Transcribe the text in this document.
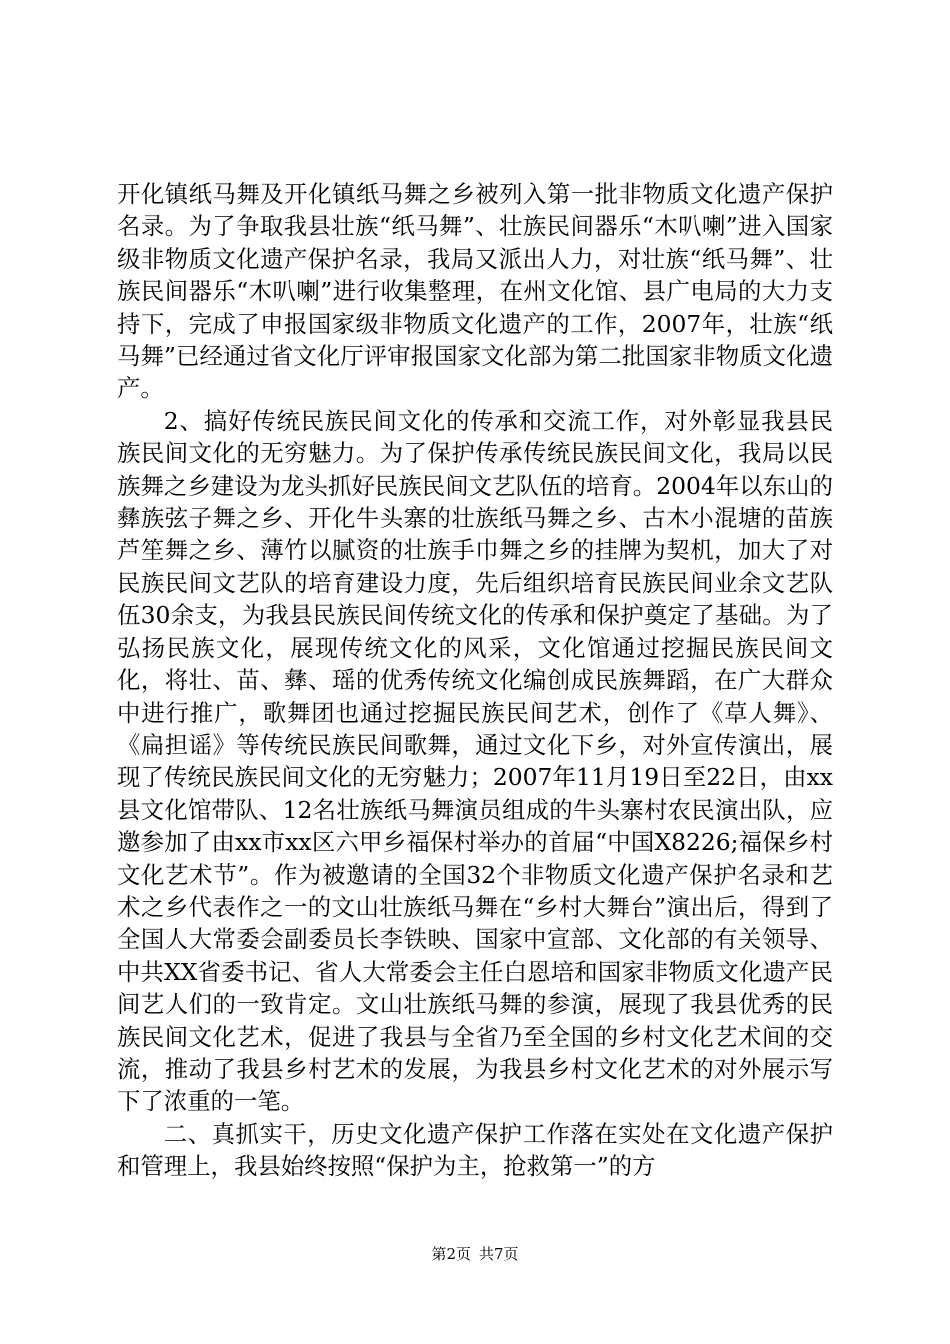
开化镇纸马舞及开化镇纸马舞之乡被列入第一批非物质文化遗产保护名录。为了争取我县壮族“纸马舞”、壮族民间器乐“木叭喇”进入国家级非物质文化遗产保护名录，我局又派出人力，对壮族“纸马舞”、壮族民间器乐“木叭喇”进行收集整理，在州文化馆、县广电局的大力支持下，完成了申报国家级非物质文化遗产的工作，2007年，壮族“纸马舞”已经通过省文化厅评审报国家文化部为第二批国家非物质文化遗产。

2、搞好传统民族民间文化的传承和交流工作，对外彰显我县民族民间文化的无穷魅力。为了保护传承传统民族民间文化，我局以民族舞之乡建设为龙头抓好民族民间文艺队伍的培育。2004年以东山的彝族弦子舞之乡、开化牛头寨的壮族纸马舞之乡、古木小混塘的苗族芦笙舞之乡、薄竹以腻资的壮族手巾舞之乡的挂牌为契机，加大了对民族民间文艺队的培育建设力度，先后组织培育民族民间业余文艺队伍30余支，为我县民族民间传统文化的传承和保护奠定了基础。为了弘扬民族文化，展现传统文化的风采，文化馆通过挖掘民族民间文化，将壮、苗、彝、瑶的优秀传统文化编创成民族舞蹈，在广大群众中进行推广，歌舞团也通过挖掘民族民间艺术，创作了《草人舞》、《扁担谣》等传统民族民间歌舞，通过文化下乡，对外宣传演出，展现了传统民族民间文化的无穷魅力；2007年11月19日至22日，由xx县文化馆带队、12名壮族纸马舞演员组成的牛头寨村农民演出队，应邀参加了由xx市xx区六甲乡福保村举办的首届“中国X8226;福保乡村文化艺术节”。作为被邀请的全国32个非物质文化遗产保护名录和艺术之乡代表作之一的文山壮族纸马舞在“乡村大舞台”演出后，得到了全国人大常委会副委员长李铁映、国家中宣部、文化部的有关领导、中共XX省委书记、省人大常委会主任白恩培和国家非物质文化遗产民间艺人们的一致肯定。文山壮族纸马舞的参演，展现了我县优秀的民族民间文化艺术，促进了我县与全省乃至全国的乡村文化艺术间的交流，推动了我县乡村艺术的发展，为我县乡村文化艺术的对外展示写下了浓重的一笔。

二、真抓实干，历史文化遗产保护工作落在实处在文化遗产保护和管理上，我县始终按照“保护为主，抢救第一”的方

第2页 共7页
